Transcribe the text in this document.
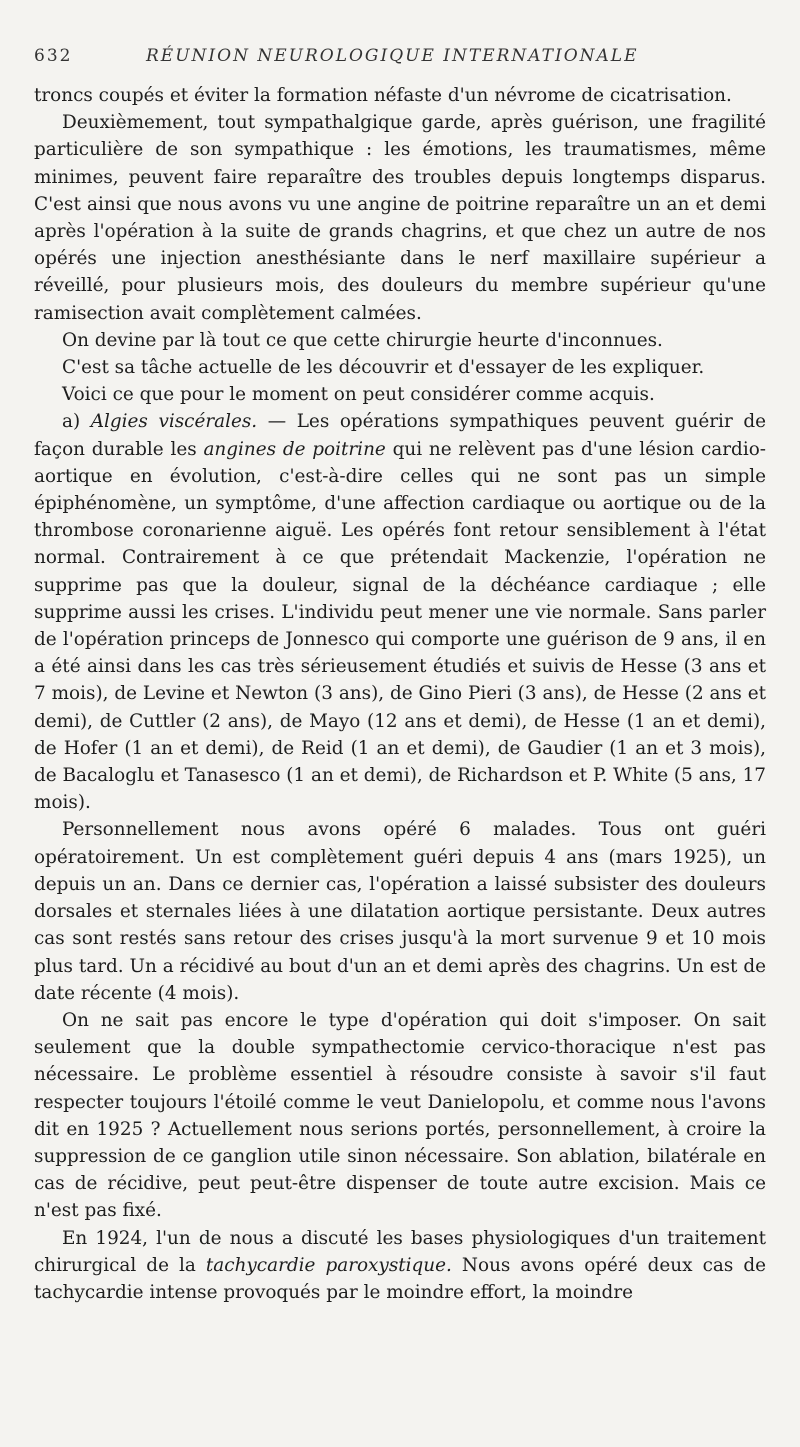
632	RÉUNION NEUROLOGIQUE INTERNATIONALE

troncs coupés et éviter la formation néfaste d'un névrome de cicatrisation.

Deuxièmement, tout sympathalgique garde, après guérison, une fragilité particulière de son sympathique : les émotions, les traumatismes, même minimes, peuvent faire reparaître des troubles depuis longtemps disparus. C'est ainsi que nous avons vu une angine de poitrine reparaître un an et demi après l'opération à la suite de grands chagrins, et que chez un autre de nos opérés une injection anesthésiante dans le nerf maxillaire supérieur a réveillé, pour plusieurs mois, des douleurs du membre supérieur qu'une ramisection avait complètement calmées.

On devine par là tout ce que cette chirurgie heurte d'inconnues.

C'est sa tâche actuelle de les découvrir et d'essayer de les expliquer.

Voici ce que pour le moment on peut considérer comme acquis.

a) Algies viscérales. — Les opérations sympathiques peuvent guérir de façon durable les angines de poitrine qui ne relèvent pas d'une lésion cardio-aortique en évolution, c'est-à-dire celles qui ne sont pas un simple épiphénomène, un symptôme, d'une affection cardiaque ou aortique ou de la thrombose coronarienne aiguë. Les opérés font retour sensiblement à l'état normal. Contrairement à ce que prétendait Mackenzie, l'opération ne supprime pas que la douleur, signal de la déchéance cardiaque ; elle supprime aussi les crises. L'individu peut mener une vie normale. Sans parler de l'opération princeps de Jonnesco qui comporte une guérison de 9 ans, il en a été ainsi dans les cas très sérieusement étudiés et suivis de Hesse (3 ans et 7 mois), de Levine et Newton (3 ans), de Gino Pieri (3 ans), de Hesse (2 ans et demi), de Cuttler (2 ans), de Mayo (12 ans et demi), de Hesse (1 an et demi), de Hofer (1 an et demi), de Reid (1 an et demi), de Gaudier (1 an et 3 mois), de Bacaloglu et Tanasesco (1 an et demi), de Richardson et P. White (5 ans, 17 mois).

Personnellement nous avons opéré 6 malades. Tous ont guéri opératoirement. Un est complètement guéri depuis 4 ans (mars 1925), un depuis un an. Dans ce dernier cas, l'opération a laissé subsister des douleurs dorsales et sternales liées à une dilatation aortique persistante. Deux autres cas sont restés sans retour des crises jusqu'à la mort survenue 9 et 10 mois plus tard. Un a récidivé au bout d'un an et demi après des chagrins. Un est de date récente (4 mois).

On ne sait pas encore le type d'opération qui doit s'imposer. On sait seulement que la double sympathectomie cervico-thoracique n'est pas nécessaire. Le problème essentiel à résoudre consiste à savoir s'il faut respecter toujours l'étoilé comme le veut Danielopolu, et comme nous l'avons dit en 1925 ? Actuellement nous serions portés, personnellement, à croire la suppression de ce ganglion utile sinon nécessaire. Son ablation, bilatérale en cas de récidive, peut peut-être dispenser de toute autre excision. Mais ce n'est pas fixé.

En 1924, l'un de nous a discuté les bases physiologiques d'un traitement chirurgical de la tachycardie paroxystique. Nous avons opéré deux cas de tachycardie intense provoqués par le moindre effort, la moindre
